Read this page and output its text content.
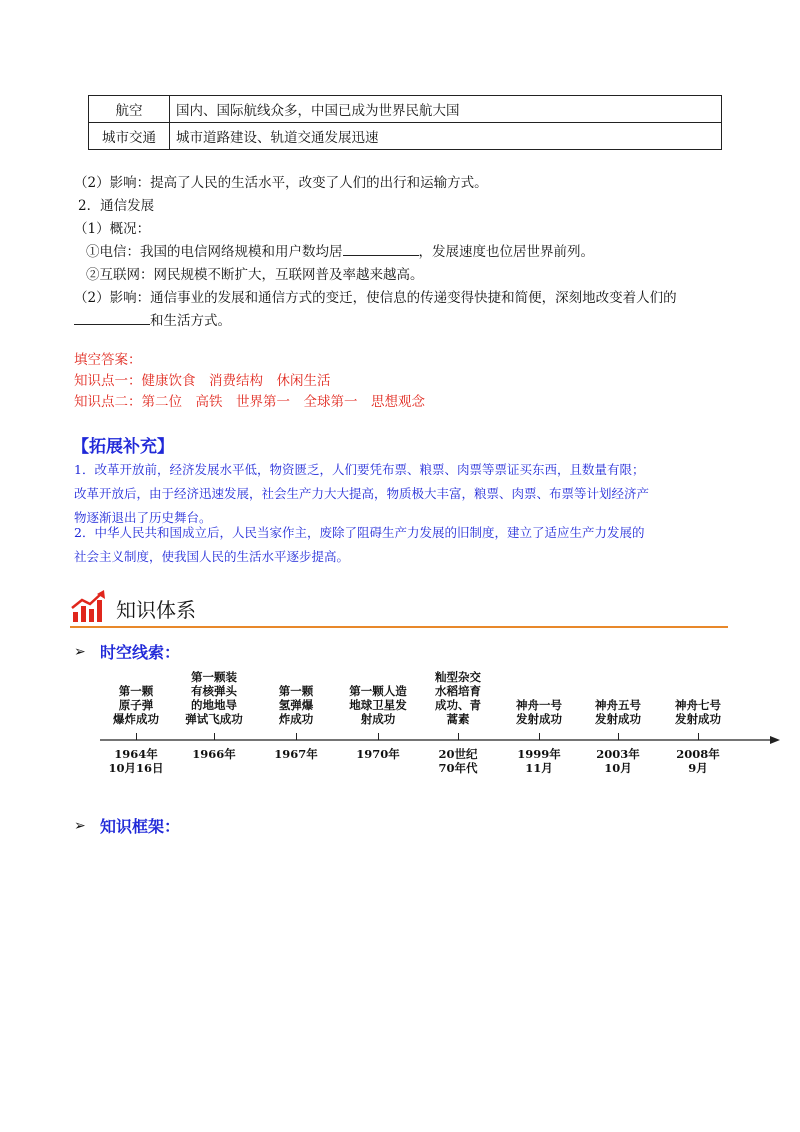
航空	国内、国际航线众多，中国已成为世界民航大国
城市交通	城市道路建设、轨道交通发展迅速
（2）影响：提高了人民的生活水平，改变了人们的出行和运输方式。
2．通信发展
（1）概况：
①电信：我国的电信网络规模和用户数均居	，发展速度也位居世界前列。
②互联网：网民规模不断扩大，互联网普及率越来越高。
（2）影响：通信事业的发展和通信方式的变迁，使信息的传递变得快捷和简便，深刻地改变着人们的
和生活方式。
填空答案：
知识点一：健康饮食　消费结构　休闲生活
知识点二：第二位　高铁　世界第一　全球第一　思想观念
【拓展补充】
1．改革开放前，经济发展水平低，物资匮乏，人们要凭布票、粮票、肉票等票证买东西，且数量有限；
改革开放后，由于经济迅速发展，社会生产力大大提高，物质极大丰富，粮票、肉票、布票等计划经济产
物逐渐退出了历史舞台。
2．中华人民共和国成立后，人民当家作主，废除了阻碍生产力发展的旧制度，建立了适应生产力发展的
社会主义制度，使我国人民的生活水平逐步提高。
知识体系
➢ 时空线索：
第一颗
原子弹
爆炸成功
1964年
10月16日
第一颗装
有核弹头
的地地导
弹试飞成功
1966年
第一颗
氢弹爆
炸成功
1967年
第一颗人造
地球卫星发
射成功
1970年
籼型杂交
水稻培育
成功、青
蒿素
20世纪
70年代
神舟一号
发射成功
1999年
11月
神舟五号
发射成功
2003年
10月
神舟七号
发射成功
2008年
9月
➢ 知识框架：
